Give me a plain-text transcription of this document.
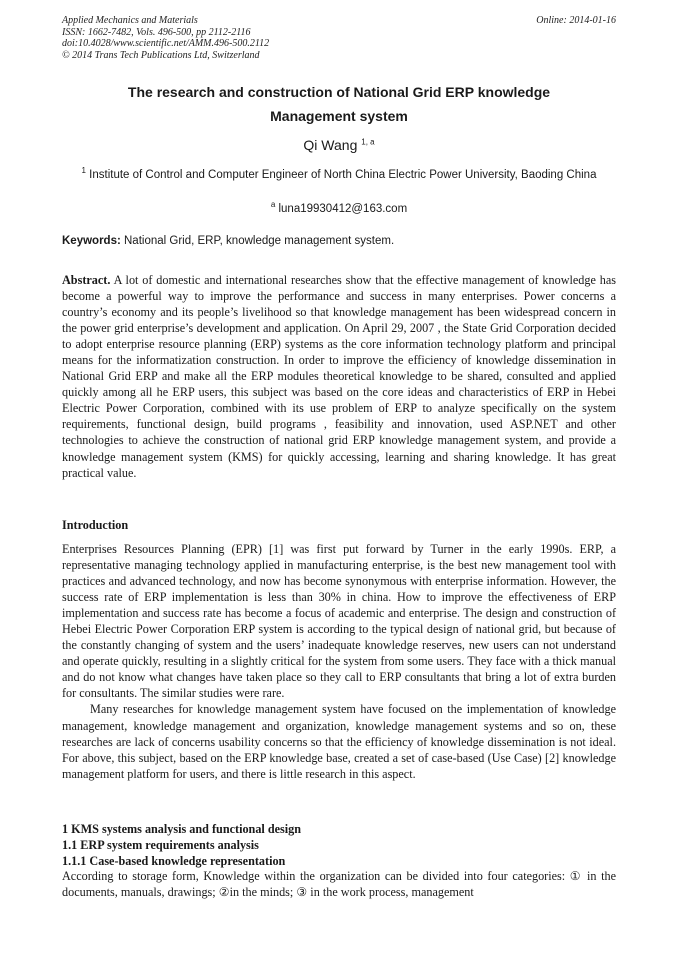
Applied Mechanics and Materials	Online: 2014-01-16
ISSN: 1662-7482, Vols. 496-500, pp 2112-2116
doi:10.4028/www.scientific.net/AMM.496-500.2112
© 2014 Trans Tech Publications Ltd, Switzerland
The research and construction of National Grid ERP knowledge
Management system
Qi Wang $^{1, a}$
$^1$ Institute of Control and Computer Engineer of North China Electric Power University, Baoding China
$^a$ luna19930412@163.com
Keywords: National Grid, ERP, knowledge management system.
Abstract. A lot of domestic and international researches show that the effective management of knowledge has become a powerful way to improve the performance and success in many enterprises. Power concerns a country’s economy and its people’s livelihood so that knowledge management has been widespread concern in the power grid enterprise’s development and application. On April 29, 2007 , the State Grid Corporation decided to adopt enterprise resource planning (ERP) systems as the core information technology platform and principal means for the informatization construction. In order to improve the efficiency of knowledge dissemination in National Grid ERP and make all the ERP modules theoretical knowledge to be shared, consulted and applied quickly among all he ERP users, this subject was based on the core ideas and characteristics of ERP in Hebei Electric Power Corporation, combined with its use problem of ERP to analyze specifically on the system requirements, functional design, build programs , feasibility and innovation, used ASP.NET and other technologies to achieve the construction of national grid ERP knowledge management system, and provide a knowledge management system (KMS) for quickly accessing, learning and sharing knowledge. It has great practical value.
Introduction

Enterprises Resources Planning (EPR) [1] was first put forward by Turner in the early 1990s. ERP, a representative managing technology applied in manufacturing enterprise, is the best new management tool with practices and advanced technology, and now has become synonymous with enterprise information. However, the success rate of ERP implementation is less than 30% in china. How to improve the effectiveness of ERP implementation and success rate has become a focus of academic and enterprise. The design and construction of Hebei Electric Power Corporation ERP system is according to the typical design of national grid, but because of the constantly changing of system and the users’ inadequate knowledge reserves, new users can not understand and operate quickly, resulting in a slightly critical for the system from some users. They face with a thick manual and do not know what changes have taken place so they call to ERP consultants that bring a lot of extra burden for consultants. The similar studies were rare.

Many researches for knowledge management system have focused on the implementation of knowledge management, knowledge management and organization, knowledge management systems and so on, these researches are lack of concerns usability concerns so that the efficiency of knowledge dissemination is not ideal. For above, this subject, based on the ERP knowledge base, created a set of case-based (Use Case) [2] knowledge management platform for users, and there is little research in this aspect.

1 KMS systems analysis and functional design
1.1 ERP system requirements analysis
1.1.1 Case-based knowledge representation
According to storage form, Knowledge within the organization can be divided into four categories: ① in the documents, manuals, drawings; ②in the minds; ③ in the work process, management
